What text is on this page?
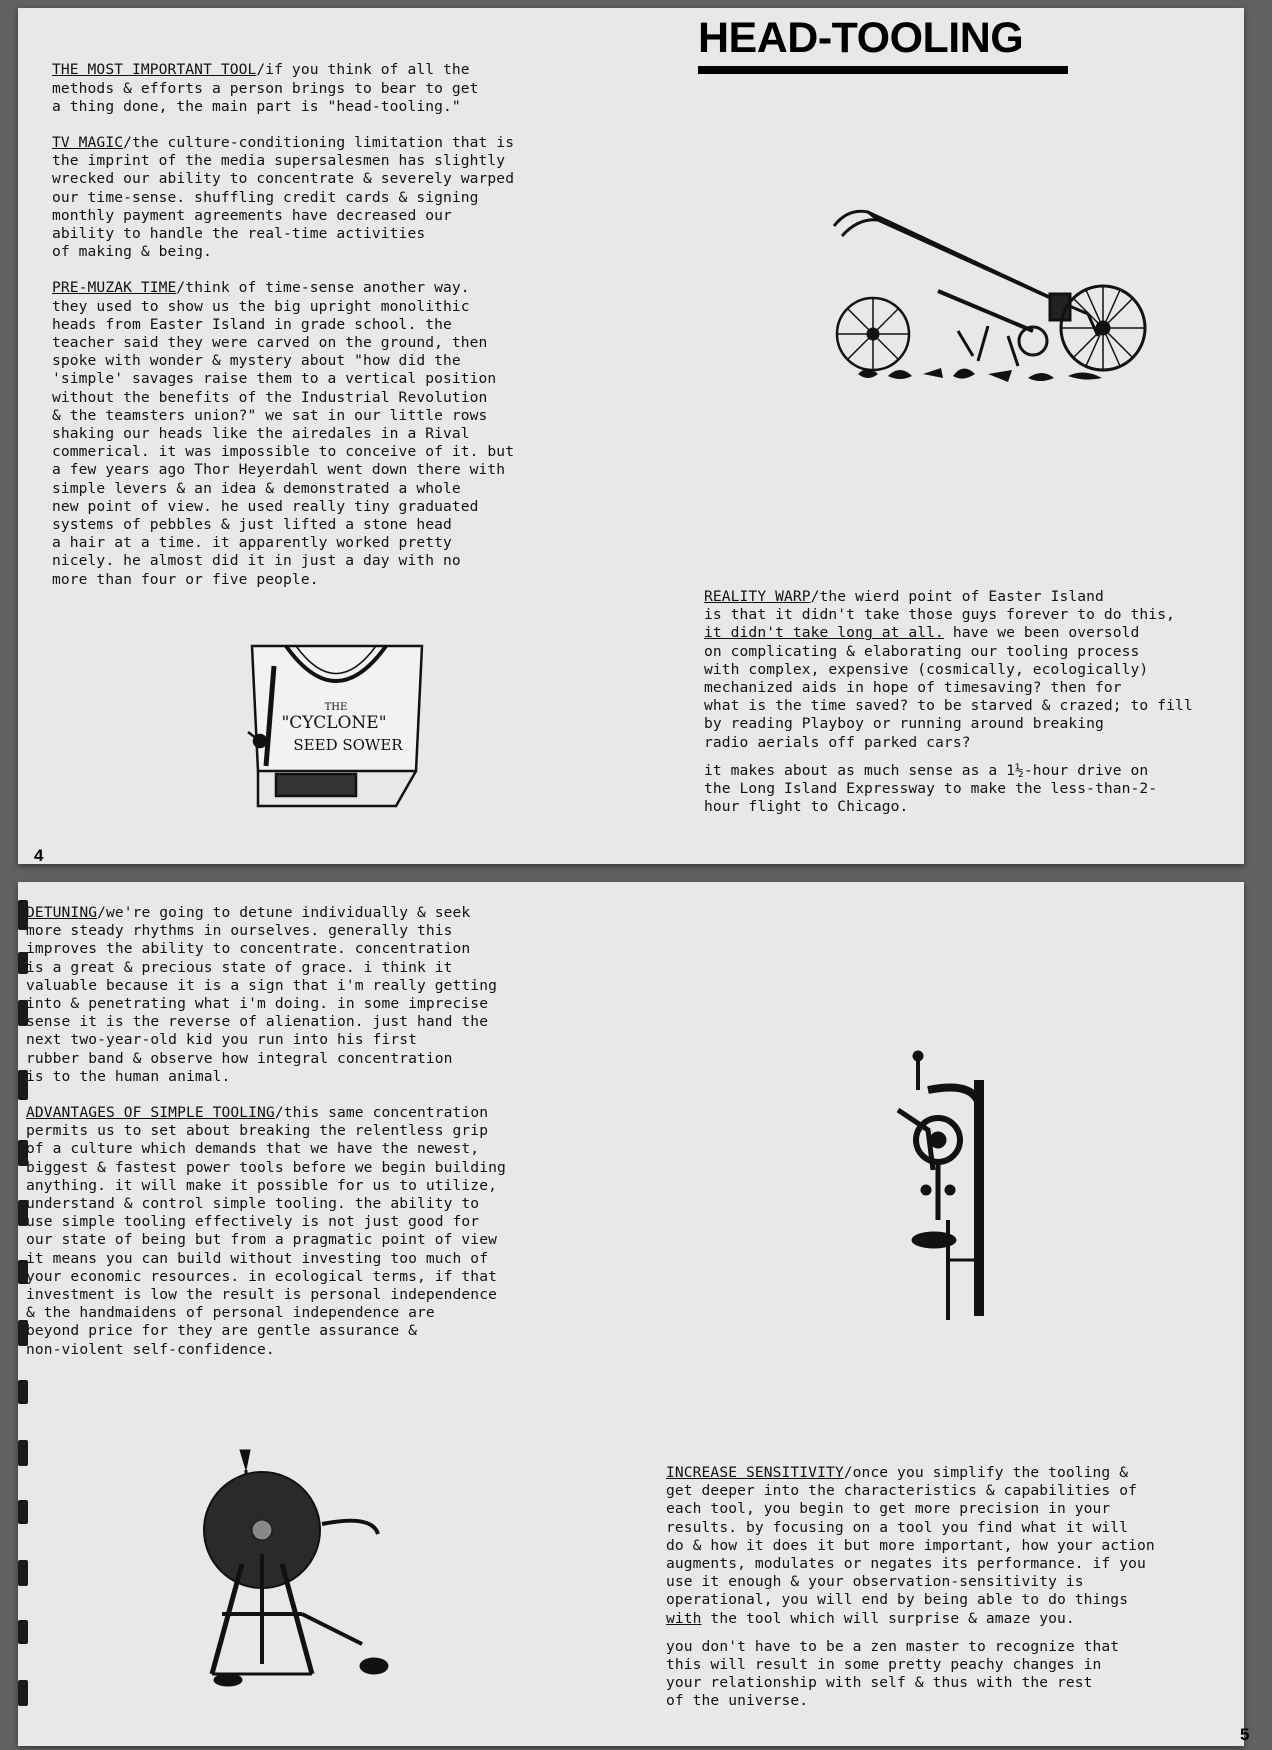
HEAD-TOOLING

THE MOST IMPORTANT TOOL/if you think of all the
methods & efforts a person brings to bear to get
a thing done, the main part is "head-tooling."
TV MAGIC/the culture-conditioning limitation that is
the imprint of the media supersalesmen has slightly
wrecked our ability to concentrate & severely warped
our time-sense. shuffling credit cards & signing
monthly payment agreements have decreased our
ability to handle the real-time activities
of making & being.
PRE-MUZAK TIME/think of time-sense another way.
they used to show us the big upright monolithic
heads from Easter Island in grade school. the
teacher said they were carved on the ground, then
spoke with wonder & mystery about "how did the
'simple' savages raise them to a vertical position
without the benefits of the Industrial Revolution
& the teamsters union?" we sat in our little rows
shaking our heads like the airedales in a Rival
commerical. it was impossible to conceive of it. but
a few years ago Thor Heyerdahl went down there with
simple levers & an idea & demonstrated a whole
new point of view. he used really tiny graduated
systems of pebbles & just lifted a stone head
a hair at a time. it apparently worked pretty
nicely. he almost did it in just a day with no
more than four or five people.

THE
"CYCLONE"
SEED SOWER
REALITY WARP/the wierd point of Easter Island
is that it didn't take those guys forever to do this,
it didn't take long at all. have we been oversold
on complicating & elaborating our tooling process
with complex, expensive (cosmically, ecologically)
mechanized aids in hope of timesaving? then for
what is the time saved? to be starved & crazed; to fill
by reading Playboy or running around breaking
radio aerials off parked cars?

it makes about as much sense as a 1½-hour drive on
the Long Island Expressway to make the less-than-2-
hour flight to Chicago.
4
DETUNING/we're going to detune individually & seek
more steady rhythms in ourselves. generally this
improves the ability to concentrate. concentration
is a great & precious state of grace. i think it
valuable because it is a sign that i'm really getting
into & penetrating what i'm doing. in some imprecise
sense it is the reverse of alienation. just hand the
next two-year-old kid you run into his first
rubber band & observe how integral concentration
is to the human animal.
ADVANTAGES OF SIMPLE TOOLING/this same concentration
permits us to set about breaking the relentless grip
of a culture which demands that we have the newest,
biggest & fastest power tools before we begin building
anything. it will make it possible for us to utilize,
understand & control simple tooling. the ability to
use simple tooling effectively is not just good for
our state of being but from a pragmatic point of view
it means you can build without investing too much of
your economic resources. in ecological terms, if that
investment is low the result is personal independence
& the handmaidens of personal independence are
beyond price for they are gentle assurance &
non-violent self-confidence.
INCREASE SENSITIVITY/once you simplify the tooling &
get deeper into the characteristics & capabilities of
each tool, you begin to get more precision in your
results. by focusing on a tool you find what it will
do & how it does it but more important, how your action
augments, modulates or negates its performance. if you
use it enough & your observation-sensitivity is
operational, you will end by being able to do things
with the tool which will surprise & amaze you.

you don't have to be a zen master to recognize that
this will result in some pretty peachy changes in
your relationship with self & thus with the rest
of the universe.
5
